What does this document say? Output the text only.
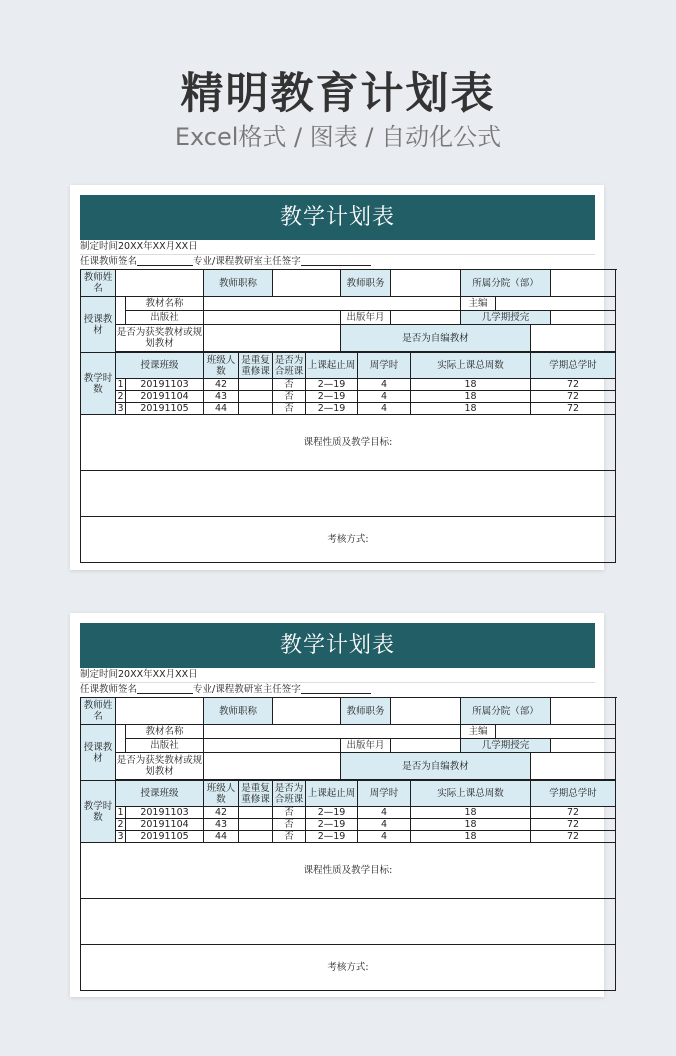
精明教育计划表
Excel格式 / 图表 / 自动化公式
教学计划表
制定时间20XX年XX月XX日
任课教师签名	专业/课程教研室主任签字
教师姓名			教师职称				教师职务				所属分院（部）			
授课教材		教材名称									主编			
		出版社					出版年月				几学期授完			
	是否为获奖教材或规划教材						是否为自编教材							

教学时数	授课班级		班级人数	是重复重修课	是否为合班课	上课起止周		周学时		实际上课总周数			学期总学时	
	1	20191103	42		否	2—19		4		18			72	
	2	20191104	43		否	2—19		4		18			72	
	3	20191105	44		否	2—19		4		18			72	
课程性质及教学目标:														

考核方式:														
教学计划表
制定时间20XX年XX月XX日
任课教师签名	专业/课程教研室主任签字
教师姓名			教师职称				教师职务				所属分院（部）			
授课教材		教材名称									主编			
		出版社					出版年月				几学期授完			
	是否为获奖教材或规划教材						是否为自编教材							

教学时数	授课班级		班级人数	是重复重修课	是否为合班课	上课起止周		周学时		实际上课总周数			学期总学时	
	1	20191103	42		否	2—19		4		18			72	
	2	20191104	43		否	2—19		4		18			72	
	3	20191105	44		否	2—19		4		18			72	
课程性质及教学目标:														

考核方式:														
